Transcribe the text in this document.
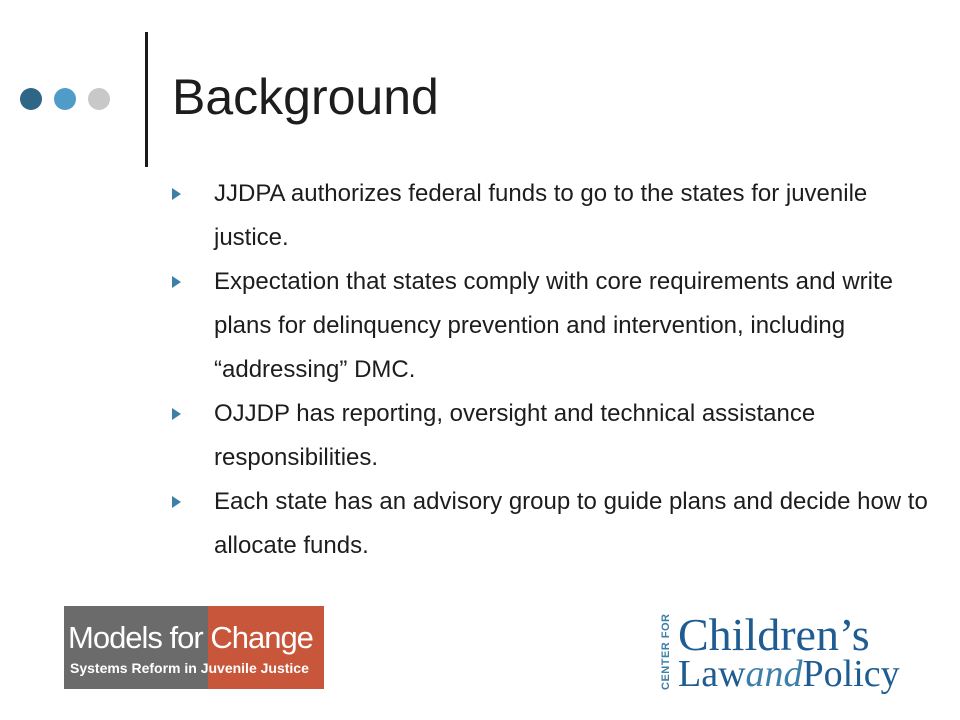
Background
JJDPA authorizes federal funds to go to the states for juvenile justice.
Expectation that states comply with core requirements and write plans for delinquency prevention and intervention, including “addressing” DMC.
OJJDP has reporting, oversight and technical assistance responsibilities.
Each state has an advisory group to guide plans and decide how to allocate funds.
Models for Change
Systems Reform in Juvenile Justice	CENTER FOR Children’s
LawandPolicy
